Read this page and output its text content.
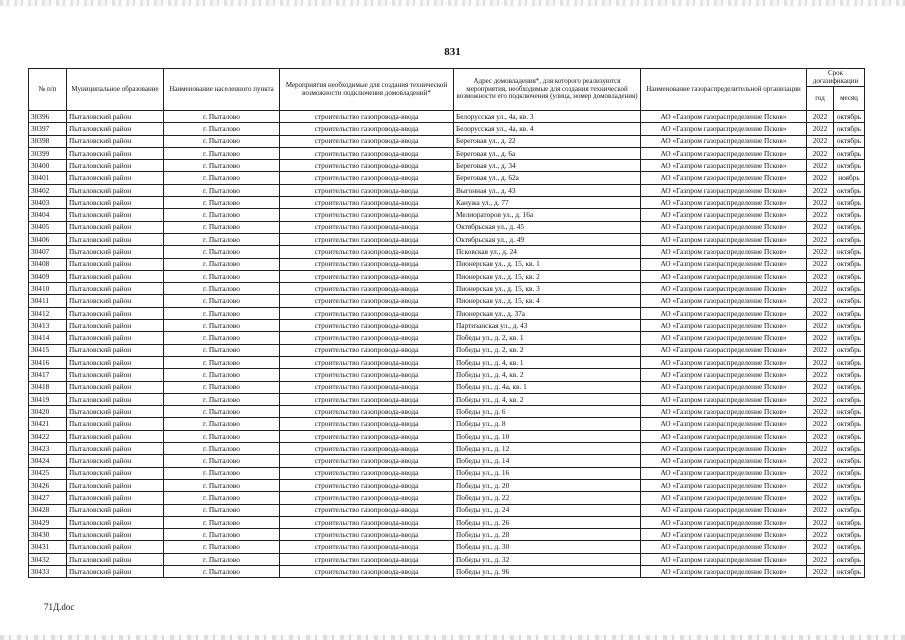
831
№ п/п	Муниципальное образование	Наименование населенного пункта	Мероприятия необходимые для создания технической возможности подключения домовладений*	Адрес домовладения*, для которого реализуются мероприятия, необходимые для создания технической возможности его подключения (улица, номер домовладения)	Наименование газораспределительной организации	Срок догазификации	
						год	месяц
30396	Пыталовский район	г. Пыталово	строительство газопровода-ввода	Белорусская ул., 4а, кв. 3	АО «Газпром газораспределение Псков»	2022	октябрь
30397	Пыталовский район	г. Пыталово	строительство газопровода-ввода	Белорусская ул., 4а, кв. 4	АО «Газпром газораспределение Псков»	2022	октябрь
30398	Пыталовский район	г. Пыталово	строительство газопровода-ввода	Береговая ул., д. 22	АО «Газпром газораспределение Псков»	2022	октябрь
30399	Пыталовский район	г. Пыталово	строительство газопровода-ввода	Береговая ул., д. 6а	АО «Газпром газораспределение Псков»	2022	октябрь
30400	Пыталовский район	г. Пыталово	строительство газопровода-ввода	Береговая ул., д. 34	АО «Газпром газораспределение Псков»	2022	октябрь
30401	Пыталовский район	г. Пыталово	строительство газопровода-ввода	Береговая ул., д. 62а	АО «Газпром газораспределение Псков»	2022	ноябрь
30402	Пыталовский район	г. Пыталово	строительство газопровода-ввода	Выгонная ул., д. 43	АО «Газпром газораспределение Псков»	2022	октябрь
30403	Пыталовский район	г. Пыталово	строительство газопровода-ввода	Канужа ул., д. 77	АО «Газпром газораспределение Псков»	2022	октябрь
30404	Пыталовский район	г. Пыталово	строительство газопровода-ввода	Мелиораторов ул., д. 16а	АО «Газпром газораспределение Псков»	2022	октябрь
30405	Пыталовский район	г. Пыталово	строительство газопровода-ввода	Октябрьская ул., д. 45	АО «Газпром газораспределение Псков»	2022	октябрь
30406	Пыталовский район	г. Пыталово	строительство газопровода-ввода	Октябрьская ул., д. 49	АО «Газпром газораспределение Псков»	2022	октябрь
30407	Пыталовский район	г. Пыталово	строительство газопровода-ввода	Псковская ул., д. 24	АО «Газпром газораспределение Псков»	2022	октябрь
30408	Пыталовский район	г. Пыталово	строительство газопровода-ввода	Пионерская ул., д. 15, кв. 1	АО «Газпром газораспределение Псков»	2022	октябрь
30409	Пыталовский район	г. Пыталово	строительство газопровода-ввода	Пионерская ул., д. 15, кв. 2	АО «Газпром газораспределение Псков»	2022	октябрь
30410	Пыталовский район	г. Пыталово	строительство газопровода-ввода	Пионерская ул., д. 15, кв. 3	АО «Газпром газораспределение Псков»	2022	октябрь
30411	Пыталовский район	г. Пыталово	строительство газопровода-ввода	Пионерская ул., д. 15, кв. 4	АО «Газпром газораспределение Псков»	2022	октябрь
30412	Пыталовский район	г. Пыталово	строительство газопровода-ввода	Пионерская ул., д. 37а	АО «Газпром газораспределение Псков»	2022	октябрь
30413	Пыталовский район	г. Пыталово	строительство газопровода-ввода	Партизанская ул., д. 43	АО «Газпром газораспределение Псков»	2022	октябрь
30414	Пыталовский район	г. Пыталово	строительство газопровода-ввода	Победы ул., д. 2, кв. 1	АО «Газпром газораспределение Псков»	2022	октябрь
30415	Пыталовский район	г. Пыталово	строительство газопровода-ввода	Победы ул., д. 2, кв. 2	АО «Газпром газораспределение Псков»	2022	октябрь
30416	Пыталовский район	г. Пыталово	строительство газопровода-ввода	Победы ул., д. 4, кв. 1	АО «Газпром газораспределение Псков»	2022	октябрь
30417	Пыталовский район	г. Пыталово	строительство газопровода-ввода	Победы ул., д. 4, кв. 2	АО «Газпром газораспределение Псков»	2022	октябрь
30418	Пыталовский район	г. Пыталово	строительство газопровода-ввода	Победы ул., д. 4а, кв. 1	АО «Газпром газораспределение Псков»	2022	октябрь
30419	Пыталовский район	г. Пыталово	строительство газопровода-ввода	Победы ул., д. 4, кв. 2	АО «Газпром газораспределение Псков»	2022	октябрь
30420	Пыталовский район	г. Пыталово	строительство газопровода-ввода	Победы ул., д. 6	АО «Газпром газораспределение Псков»	2022	октябрь
30421	Пыталовский район	г. Пыталово	строительство газопровода-ввода	Победы ул., д. 8	АО «Газпром газораспределение Псков»	2022	октябрь
30422	Пыталовский район	г. Пыталово	строительство газопровода-ввода	Победы ул., д. 10	АО «Газпром газораспределение Псков»	2022	октябрь
30423	Пыталовский район	г. Пыталово	строительство газопровода-ввода	Победы ул., д. 12	АО «Газпром газораспределение Псков»	2022	октябрь
30424	Пыталовский район	г. Пыталово	строительство газопровода-ввода	Победы ул., д. 14	АО «Газпром газораспределение Псков»	2022	октябрь
30425	Пыталовский район	г. Пыталово	строительство газопровода-ввода	Победы ул., д. 16	АО «Газпром газораспределение Псков»	2022	октябрь
30426	Пыталовский район	г. Пыталово	строительство газопровода-ввода	Победы ул., д. 20	АО «Газпром газораспределение Псков»	2022	октябрь
30427	Пыталовский район	г. Пыталово	строительство газопровода-ввода	Победы ул., д. 22	АО «Газпром газораспределение Псков»	2022	октябрь
30428	Пыталовский район	г. Пыталово	строительство газопровода-ввода	Победы ул., д. 24	АО «Газпром газораспределение Псков»	2022	октябрь
30429	Пыталовский район	г. Пыталово	строительство газопровода-ввода	Победы ул., д. 26	АО «Газпром газораспределение Псков»	2022	октябрь
30430	Пыталовский район	г. Пыталово	строительство газопровода-ввода	Победы ул., д. 28	АО «Газпром газораспределение Псков»	2022	октябрь
30431	Пыталовский район	г. Пыталово	строительство газопровода-ввода	Победы ул., д. 30	АО «Газпром газораспределение Псков»	2022	октябрь
30432	Пыталовский район	г. Пыталово	строительство газопровода-ввода	Победы ул., д. 32	АО «Газпром газораспределение Псков»	2022	октябрь
30433	Пыталовский район	г. Пыталово	строительство газопровода-ввода	Победы ул., д. 96	АО «Газпром газораспределение Псков»	2022	октябрь
71Д.doc
